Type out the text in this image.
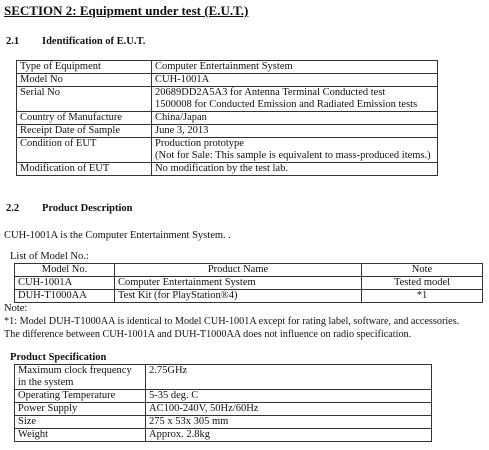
SECTION 2: Equipment under test (E.U.T.)
2.1 Identification of E.U.T.
Type of Equipment	Computer Entertainment System
Model No	CUH-1001A
Serial No	20689DD2A5A3 for Antenna Terminal Conducted test
1500008 for Conducted Emission and Radiated Emission tests

Country of Manufacture	China/Japan
Receipt Date of Sample	June 3, 2013
Condition of EUT	Production prototype
(Not for Sale: This sample is equivalent to mass-produced items.)

Modification of EUT	No modification by the test lab.
2.2 Product Description
CUH-1001A is the Computer Entertainment System. .
List of Model No.:
Model No.	Product Name	Note
CUH-1001A	Computer Entertainment System	Tested model
DUH-T1000AA	Test Kit (for PlayStation®4)	*1
Note:
*1: Model DUH-T1000AA is identical to Model CUH-1001A except for rating label, software, and accessories.
The difference between CUH-1001A and DUH-T1000AA does not influence on radio specification.
Product Specification
Maximum clock frequency
in the system	2.75GHz
Operating Temperature	5-35 deg. C
Power Supply	AC100-240V, 50Hz/60Hz
Size	275 x 53x 305 mm
Weight	Approx. 2.8kg
